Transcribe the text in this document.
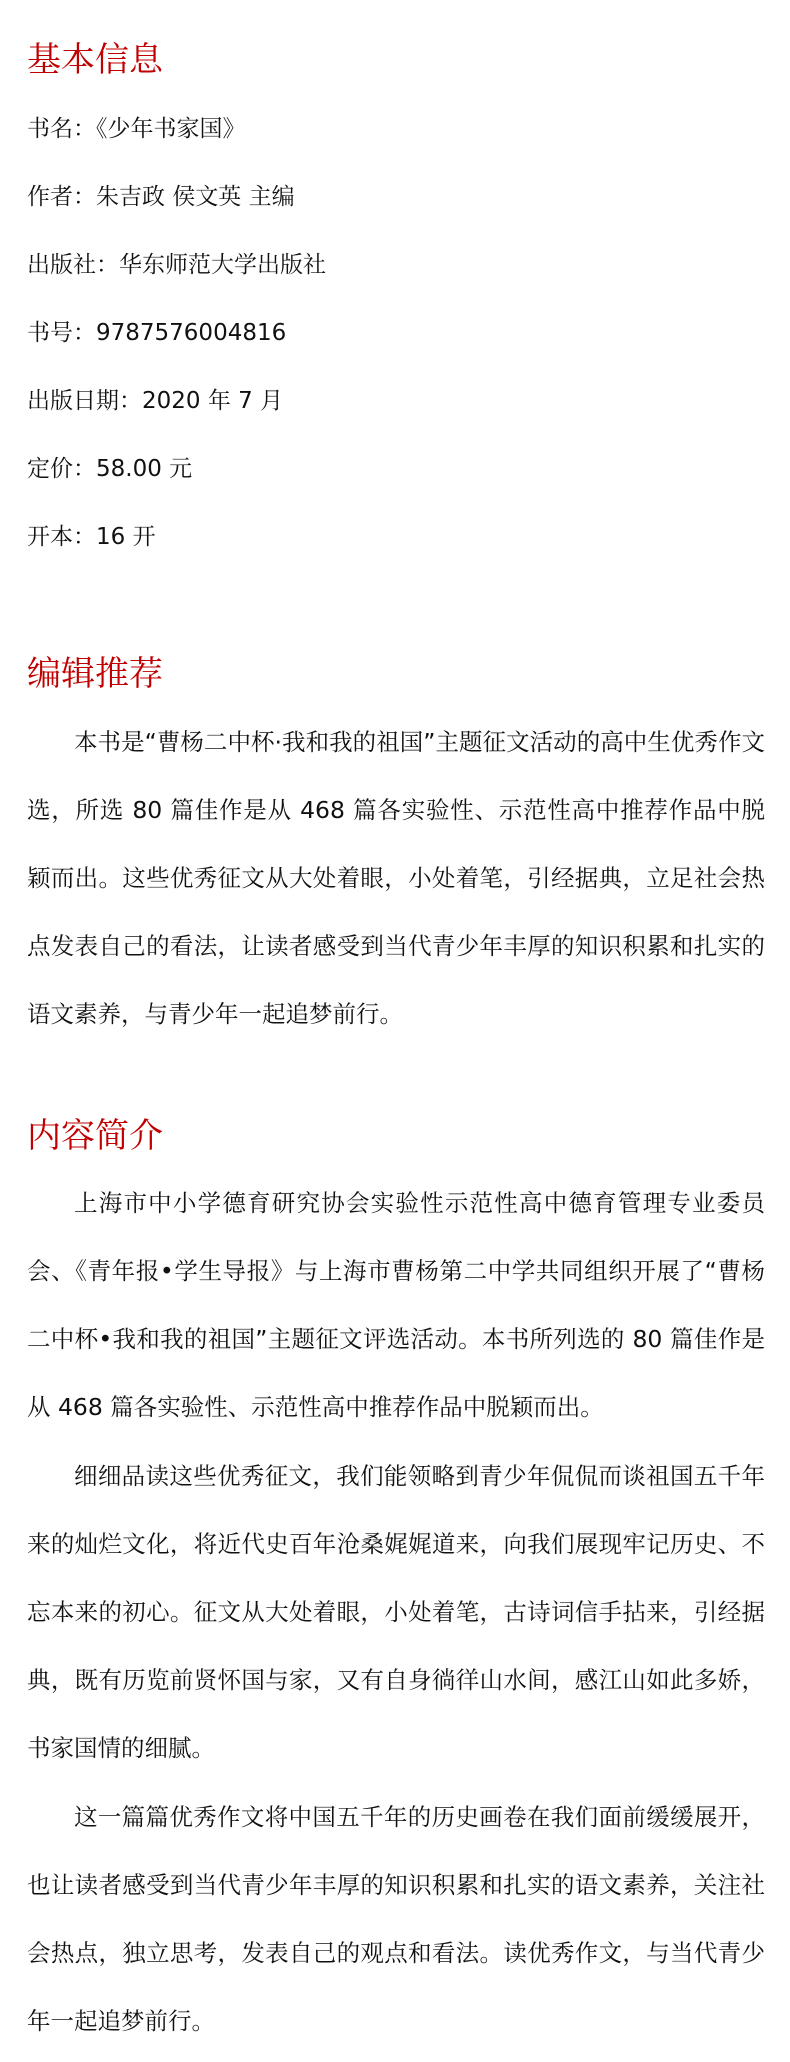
基本信息

书名：《少年书家国》

作者：朱吉政 侯文英 主编

出版社：华东师范大学出版社

书号：9787576004816

出版日期：2020 年 7 月

定价：58.00 元

开本：16 开

编辑推荐

本书是“曹杨二中杯·我和我的祖国”主题征文活动的高中生优秀作文选，所选 80 篇佳作是从 468 篇各实验性、示范性高中推荐作品中脱颖而出。这些优秀征文从大处着眼，小处着笔，引经据典，立足社会热点发表自己的看法，让读者感受到当代青少年丰厚的知识积累和扎实的语文素养，与青少年一起追梦前行。

内容简介

上海市中小学德育研究协会实验性示范性高中德育管理专业委员会、《青年报•学生导报》与上海市曹杨第二中学共同组织开展了“曹杨二中杯•我和我的祖国”主题征文评选活动。本书所列选的 80 篇佳作是从 468 篇各实验性、示范性高中推荐作品中脱颖而出。

细细品读这些优秀征文，我们能领略到青少年侃侃而谈祖国五千年来的灿烂文化，将近代史百年沧桑娓娓道来，向我们展现牢记历史、不忘本来的初心。征文从大处着眼，小处着笔，古诗词信手拈来，引经据典，既有历览前贤怀国与家，又有自身徜徉山水间，感江山如此多娇，书家国情的细腻。

这一篇篇优秀作文将中国五千年的历史画卷在我们面前缓缓展开，也让读者感受到当代青少年丰厚的知识积累和扎实的语文素养，关注社会热点，独立思考，发表自己的观点和看法。读优秀作文，与当代青少年一起追梦前行。
